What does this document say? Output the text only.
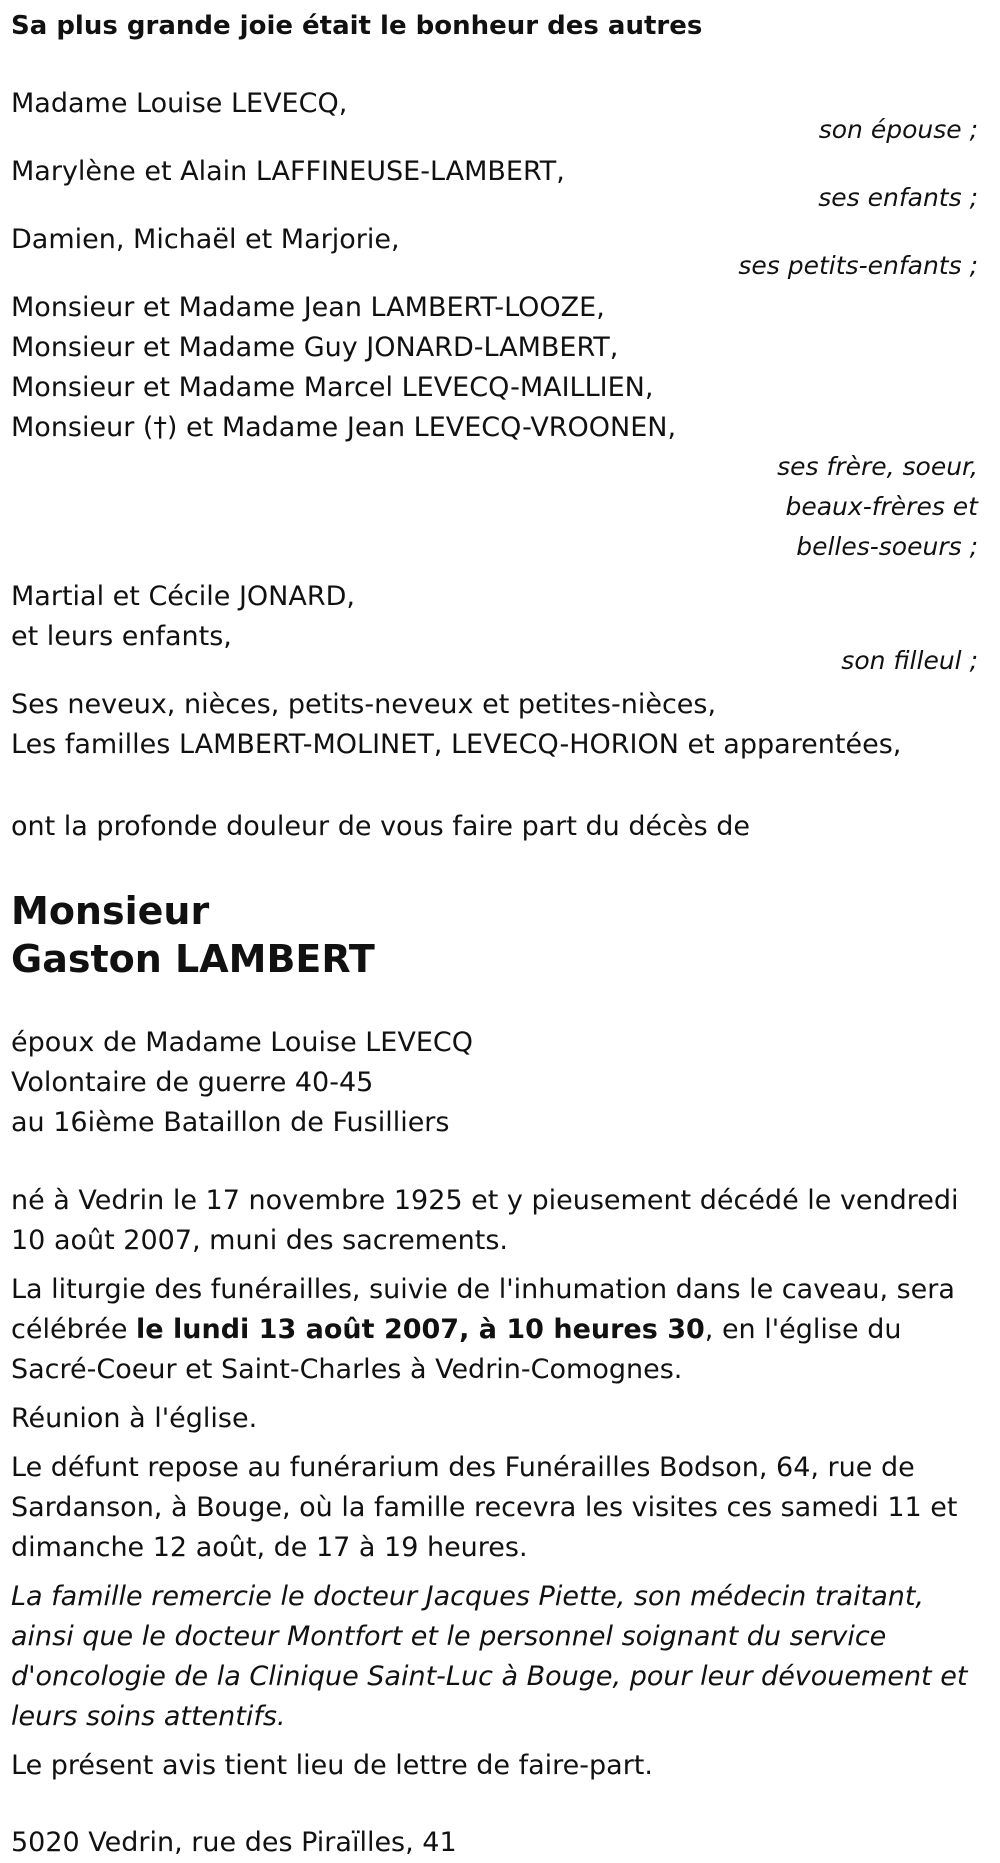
Sa plus grande joie était le bonheur des autres
Madame Louise LEVECQ,
son épouse ;
Marylène et Alain LAFFINEUSE-LAMBERT,
ses enfants ;
Damien, Michaël et Marjorie,
ses petits-enfants ;
Monsieur et Madame Jean LAMBERT-LOOZE,
Monsieur et Madame Guy JONARD-LAMBERT,
Monsieur et Madame Marcel LEVECQ-MAILLIEN,
Monsieur (†) et Madame Jean LEVECQ-VROONEN,
ses frère, soeur,
beaux-frères et
belles-soeurs ;
Martial et Cécile JONARD,
et leurs enfants,
son filleul ;
Ses neveux, nièces, petits-neveux et petites-nièces,
Les familles LAMBERT-MOLINET, LEVECQ-HORION et apparentées,
ont la profonde douleur de vous faire part du décès de
Monsieur
Gaston LAMBERT
époux de Madame Louise LEVECQ
Volontaire de guerre 40-45
au 16ième Bataillon de Fusilliers
né à Vedrin le 17 novembre 1925 et y pieusement décédé le vendredi 10 août 2007, muni des sacrements.
La liturgie des funérailles, suivie de l'inhumation dans le caveau, sera célébrée le lundi 13 août 2007, à 10 heures 30, en l'église du Sacré-Coeur et Saint-Charles à Vedrin-Comognes.
Réunion à l'église.
Le défunt repose au funérarium des Funérailles Bodson, 64, rue de Sardanson, à Bouge, où la famille recevra les visites ces samedi 11 et dimanche 12 août, de 17 à 19 heures.
La famille remercie le docteur Jacques Piette, son médecin traitant, ainsi que le docteur Montfort et le personnel soignant du service d'oncologie de la Clinique Saint-Luc à Bouge, pour leur dévouement et leurs soins attentifs.
Le présent avis tient lieu de lettre de faire-part.
5020 Vedrin, rue des Piraïlles, 41
